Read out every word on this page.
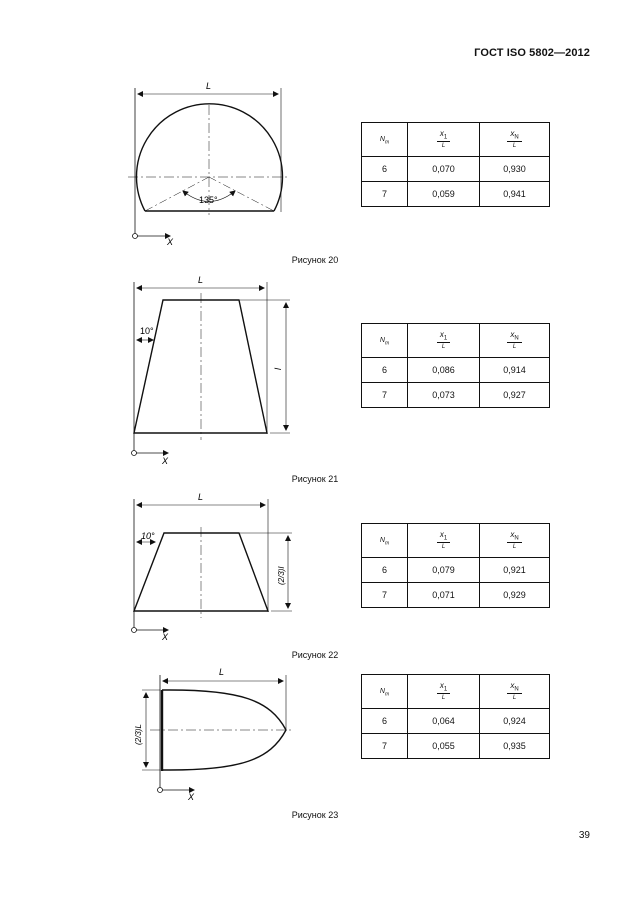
ГОСТ ISO 5802—2012
L
135°
X
L
10°
l
X
L
10°
(2/3)l
X
L
(2/3)L
X
Рисунок 20
Рисунок 21
Рисунок 22
Рисунок 23
$N_т$	$\frac{x_1}{L}$	$\frac{x_N}{L}$

6	0,070	0,930
7	0,059	0,941
$N_т$	$\frac{x_1}{L}$	$\frac{x_N}{L}$

6	0,086	0,914
7	0,073	0,927
$N_т$	$\frac{x_1}{L}$	$\frac{x_N}{L}$

6	0,079	0,921
7	0,071	0,929
$N_т$	$\frac{x_1}{L}$	$\frac{x_N}{L}$

6	0,064	0,924
7	0,055	0,935
39
